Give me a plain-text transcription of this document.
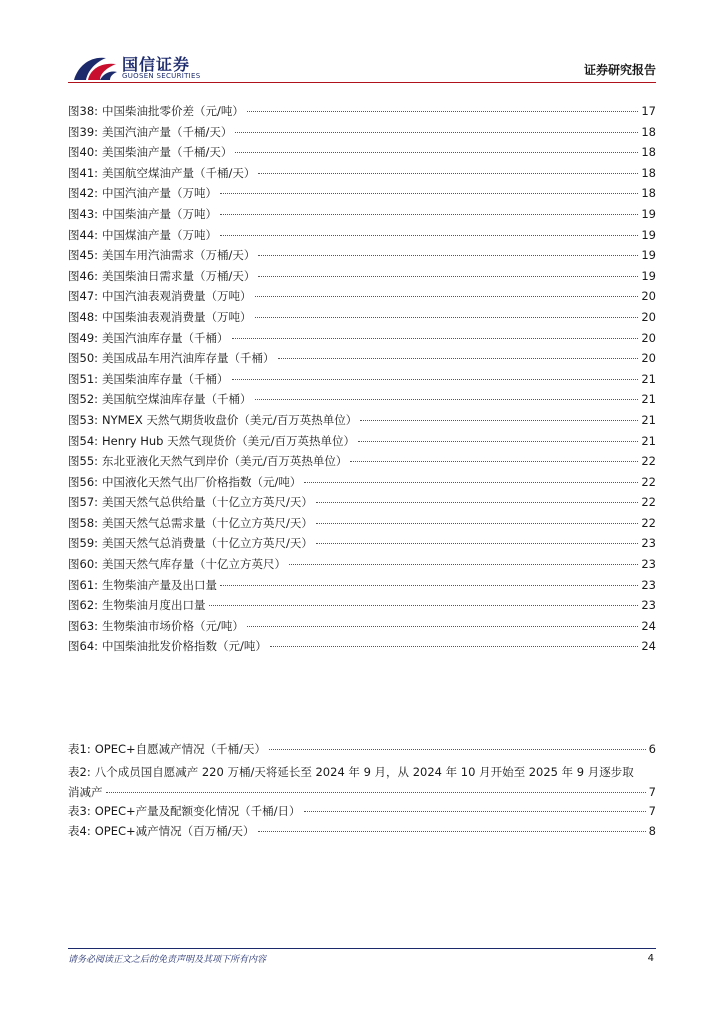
国信证券
GUOSEN SECURITIES	证券研究报告
图38: 中国柴油批零价差（元/吨）	17
图39: 美国汽油产量（千桶/天）	18
图40: 美国柴油产量（千桶/天）	18
图41: 美国航空煤油产量（千桶/天）	18
图42: 中国汽油产量（万吨）	18
图43: 中国柴油产量（万吨）	19
图44: 中国煤油产量（万吨）	19
图45: 美国车用汽油需求（万桶/天）	19
图46: 美国柴油日需求量（万桶/天）	19
图47: 中国汽油表观消费量（万吨）	20
图48: 中国柴油表观消费量（万吨）	20
图49: 美国汽油库存量（千桶）	20
图50: 美国成品车用汽油库存量（千桶）	20
图51: 美国柴油库存量（千桶）	21
图52: 美国航空煤油库存量（千桶）	21
图53: NYMEX 天然气期货收盘价（美元/百万英热单位）	21
图54: Henry Hub 天然气现货价（美元/百万英热单位）	21
图55: 东北亚液化天然气到岸价（美元/百万英热单位）	22
图56: 中国液化天然气出厂价格指数（元/吨）	22
图57: 美国天然气总供给量（十亿立方英尺/天）	22
图58: 美国天然气总需求量（十亿立方英尺/天）	22
图59: 美国天然气总消费量（十亿立方英尺/天）	23
图60: 美国天然气库存量（十亿立方英尺）	23
图61: 生物柴油产量及出口量	23
图62: 生物柴油月度出口量	23
图63: 生物柴油市场价格（元/吨）	24
图64: 中国柴油批发价格指数（元/吨）	24
表1: OPEC+自愿减产情况（千桶/天）	6
表2: 八个成员国自愿减产 220 万桶/天将延长至 2024 年 9 月，从 2024 年 10 月开始至 2025 年 9 月逐步取
消减产	7
表3: OPEC+产量及配额变化情况（千桶/日）	7
表4: OPEC+减产情况（百万桶/天）	8
请务必阅读正文之后的免责声明及其项下所有内容	4
